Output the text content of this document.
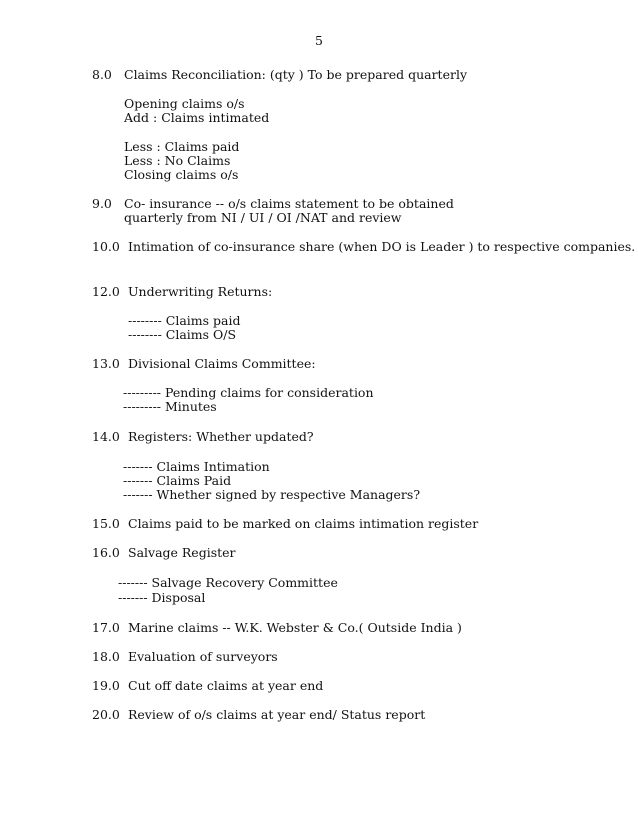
5
8.0 Claims Reconciliation: (qty ) To be prepared quarterly
Opening claims o/s
Add : Claims intimated
Less : Claims paid
Less : No Claims
Closing claims o/s
9.0 Co- insurance -- o/s claims statement to be obtained
quarterly from NI / UI / OI /NAT and review
10.0 Intimation of co-insurance share (when DO is Leader ) to respective companies.
12.0 Underwriting Returns:
-------- Claims paid
-------- Claims O/S
13.0 Divisional Claims Committee:
--------- Pending claims for consideration
--------- Minutes
14.0 Registers: Whether updated?
------- Claims Intimation
------- Claims Paid
------- Whether signed by respective Managers?
15.0 Claims paid to be marked on claims intimation register
16.0 Salvage Register
------- Salvage Recovery Committee
------- Disposal
17.0 Marine claims -- W.K. Webster & Co.( Outside India )
18.0 Evaluation of surveyors
19.0 Cut off date claims at year end
20.0 Review of o/s claims at year end/ Status report
